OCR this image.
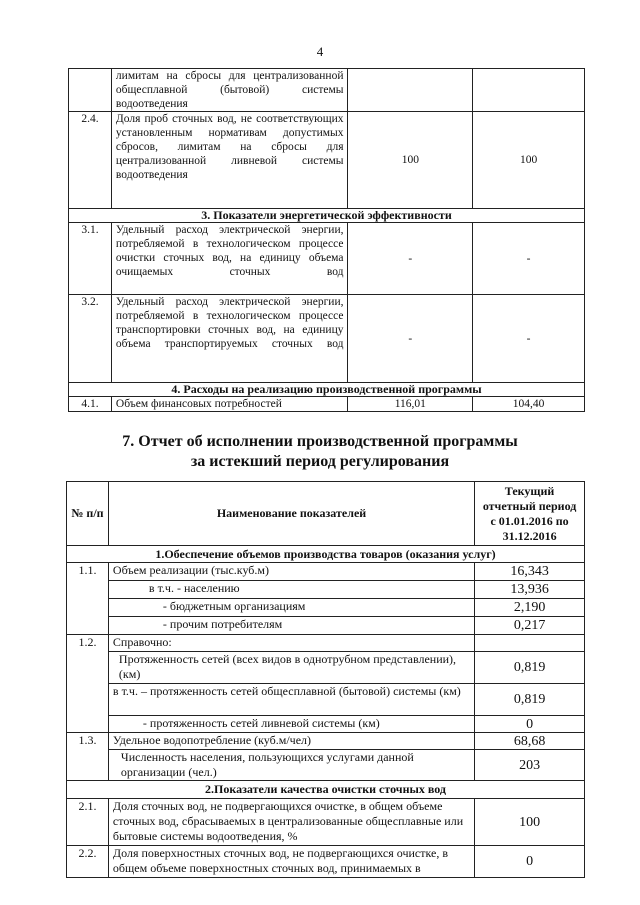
4
	лимитам на сбросы для централизованной общесплавной (бытовой) системы водоотведения		
2.4.	Доля проб сточных вод, не соответствующих установленным нормативам допустимых сбросов, лимитам на сбросы для централизованной ливневой системы водоотведения	100	100
3. Показатели энергетической эффективности			
3.1.	Удельный расход электрической энергии, потребляемой в технологическом процессе очистки сточных вод, на единицу объема очищаемых сточных вод	-	-
3.2.	Удельный расход электрической энергии, потребляемой в технологическом процессе транспортировки сточных вод, на единицу объема транспортируемых сточных вод	-	-
4. Расходы на реализацию производственной программы			
4.1.	Объем финансовых потребностей	116,01	104,40
7. Отчет об исполнении производственной программы
за истекший период регулирования
№ п/п	Наименование показателей	Текущий отчетный период с 01.01.2016 по 31.12.2016
1.Обеспечение объемов производства товаров (оказания услуг)		
1.1.	Объем реализации (тыс.куб.м)	16,343
	в т.ч. - населению	13,936
	- бюджетным организациям	2,190
	- прочим потребителям	0,217
1.2.	Справочно:	
	Протяженность сетей (всех видов в однотрубном представлении), (км)	0,819
	в т.ч. – протяженность сетей общесплавной (бытовой) системы (км)	0,819
	- протяженность сетей ливневой системы (км)	0
1.3.	Удельное водопотребление (куб.м/чел)	68,68
	Численность населения, пользующихся услугами данной организации (чел.)	203
2.Показатели качества очистки сточных вод		
2.1.	Доля сточных вод, не подвергающихся очистке, в общем объеме сточных вод, сбрасываемых в централизованные общесплавные или бытовые системы водоотведения, %	100
2.2.	Доля поверхностных сточных вод, не подвергающихся очистке, в общем объеме поверхностных сточных вод, принимаемых в	0
